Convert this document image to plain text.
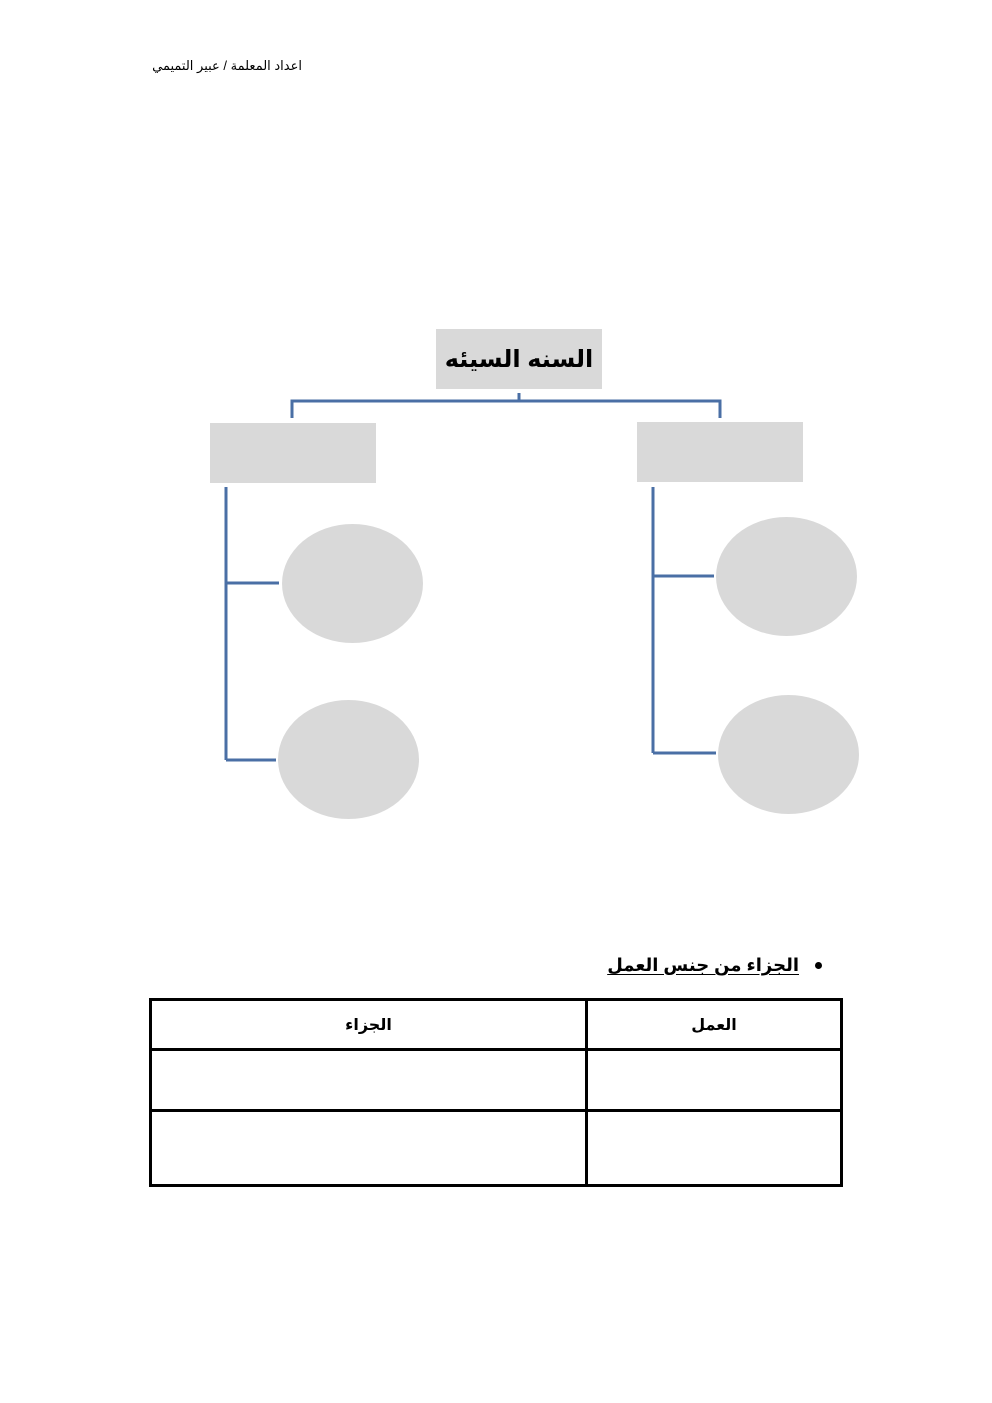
اعداد المعلمة / عبير التميمي
السنه السيئه
الجزاء من جنس العمل
العمل	الجزاء
